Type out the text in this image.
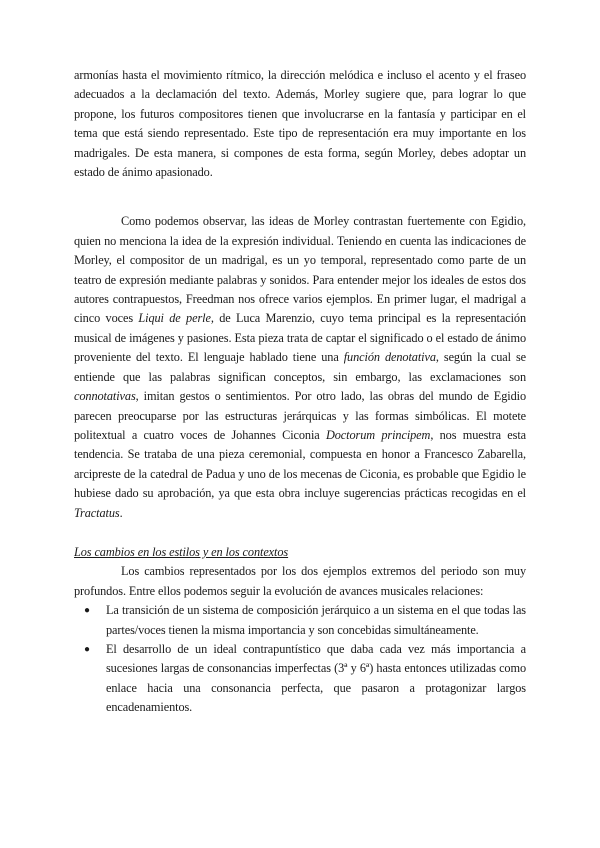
armonías hasta el movimiento rítmico, la dirección melódica e incluso el acento y el fraseo adecuados a la declamación del texto. Además, Morley sugiere que, para lograr lo que propone, los futuros compositores tienen que involucrarse en la fantasía y participar en el tema que está siendo representado. Este tipo de representación era muy importante en los madrigales. De esta manera, si compones de esta forma, según Morley, debes adoptar un estado de ánimo apasionado.

Como podemos observar, las ideas de Morley contrastan fuertemente con Egidio, quien no menciona la idea de la expresión individual. Teniendo en cuenta las indicaciones de Morley, el compositor de un madrigal, es un yo temporal, representado como parte de un teatro de expresión mediante palabras y sonidos. Para entender mejor los ideales de estos dos autores contrapuestos, Freedman nos ofrece varios ejemplos. En primer lugar, el madrigal a cinco voces Liqui de perle, de Luca Marenzio, cuyo tema principal es la representación musical de imágenes y pasiones. Esta pieza trata de captar el significado o el estado de ánimo proveniente del texto. El lenguaje hablado tiene una función denotativa, según la cual se entiende que las palabras significan conceptos, sin embargo, las exclamaciones son connotativas, imitan gestos o sentimientos. Por otro lado, las obras del mundo de Egidio parecen preocuparse por las estructuras jerárquicas y las formas simbólicas. El motete politextual a cuatro voces de Johannes Ciconia Doctorum principem, nos muestra esta tendencia. Se trataba de una pieza ceremonial, compuesta en honor a Francesco Zabarella, arcipreste de la catedral de Padua y uno de los mecenas de Ciconia, es probable que Egidio le hubiese dado su aprobación, ya que esta obra incluye sugerencias prácticas recogidas en el Tractatus.

Los cambios en los estilos y en los contextos

Los cambios representados por los dos ejemplos extremos del periodo son muy profundos. Entre ellos podemos seguir la evolución de avances musicales relaciones:

● La transición de un sistema de composición jerárquico a un sistema en el que todas las partes/voces tienen la misma importancia y son concebidas simultáneamente.
● El desarrollo de un ideal contrapuntístico que daba cada vez más importancia a sucesiones largas de consonancias imperfectas (3ª y 6ª) hasta entonces utilizadas como enlace hacia una consonancia perfecta, que pasaron a protagonizar largos encadenamientos.
